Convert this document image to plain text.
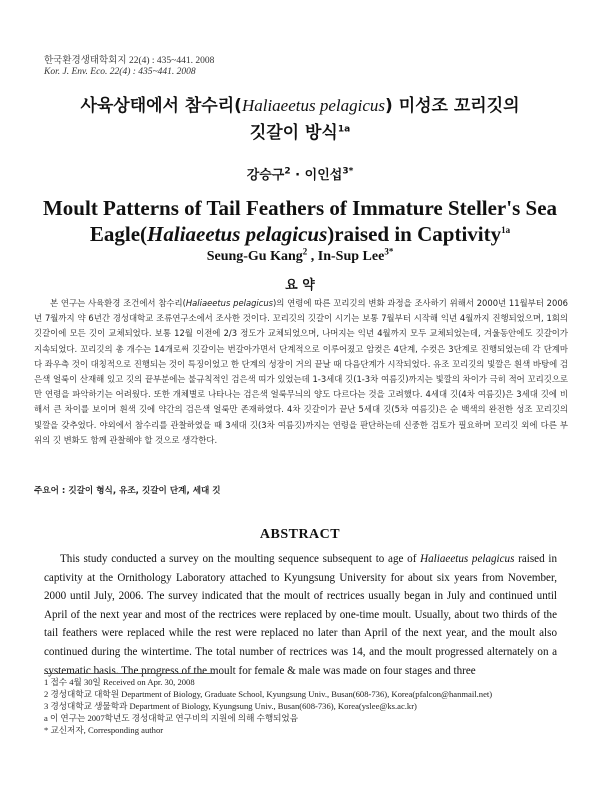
한국환경생태학회지 22(4) : 435~441. 2008
Kor. J. Env. Eco. 22(4) : 435~441. 2008
사육상태에서 참수리(Haliaeetus pelagicus) 미성조 꼬리깃의
깃갈이 방식$^{1a}$
강승구$^2$ · 이인섭$^{3*}$
Moult Patterns of Tail Feathers of Immature Steller's Sea
Eagle(Haliaeetus pelagicus)raised in Captivity$^{1a}$
Seung-Gu Kang$^2$ , In-Sup Lee$^{3*}$
요 약

본 연구는 사육환경 조건에서 참수리(Haliaeetus pelagicus)의 연령에 따른 꼬리깃의 변화 과정을 조사하기 위해서 2000년 11월부터 2006년 7월까지 약 6년간 경성대학교 조류연구소에서 조사한 것이다. 꼬리깃의 깃갈이 시기는 보통 7월부터 시작해 익년 4월까지 진행되었으며, 1회의 깃갈이에 모든 깃이 교체되었다. 보통 12월 이전에 2/3 정도가 교체되었으며, 나머지는 익년 4월까지 모두 교체되었는데, 겨울동안에도 깃갈이가 지속되었다. 꼬리깃의 총 개수는 14개로써 깃갈이는 번갈아가면서 단계적으로 이루어졌고 암컷은 4단계, 수컷은 3단계로 진행되었는데 각 단계마다 좌우측 것이 대칭적으로 진행되는 것이 특징이었고 한 단계의 성장이 거의 끝날 때 다음단계가 시작되었다. 유조 꼬리깃의 빛깔은 흰색 바탕에 검은색 얼룩이 산재해 있고 깃의 끝부분에는 불규칙적인 검은색 띠가 있었는데 1-3세대 깃(1-3차 여름깃)까지는 빛깔의 차이가 극히 적어 꼬리깃으로만 연령을 파악하기는 어려웠다. 또한 개체별로 나타나는 검은색 얼룩무늬의 양도 다르다는 것을 고려했다. 4세대 깃(4차 여름깃)은 3세대 깃에 비해서 큰 차이를 보이며 흰색 깃에 약간의 검은색 얼룩만 존재하였다. 4차 깃갈이가 끝난 5세대 깃(5차 여름깃)은 순 백색의 완전한 성조 꼬리깃의 빛깔을 갖추었다. 야외에서 참수리를 관찰하였을 때 3세대 깃(3차 여름깃)까지는 연령을 판단하는데 신중한 검토가 필요하며 꼬리깃 외에 다른 부위의 깃 변화도 함께 관찰해야 할 것으로 생각한다.

주요어 : 깃갈이 형식, 유조, 깃갈이 단계, 세대 깃
ABSTRACT

This study conducted a survey on the moulting sequence subsequent to age of Haliaeetus pelagicus raised in captivity at the Ornithology Laboratory attached to Kyungsung University for about six years from November, 2000 until July, 2006. The survey indicated that the moult of rectrices usually began in July and continued until April of the next year and most of the rectrices were replaced by one-time moult. Usually, about two thirds of the tail feathers were replaced while the rest were replaced no later than April of the next year, and the moult also continued during the wintertime. The total number of rectrices was 14, and the moult progressed alternately on a systematic basis. The progress of the moult for female & male was made on four stages and three

1 접수 4월 30일 Received on Apr. 30, 2008
2 경성대학교 대학원 Department of Biology, Graduate School, Kyungsung Univ., Busan(608-736), Korea(pfalcon@hanmail.net)
3 경성대학교 생물학과 Department of Biology, Kyungsung Univ., Busan(608-736), Korea(yslee@ks.ac.kr)
a 이 연구는 2007학년도 경성대학교 연구비의 지원에 의해 수행되었음
* 교신저자, Corresponding author
